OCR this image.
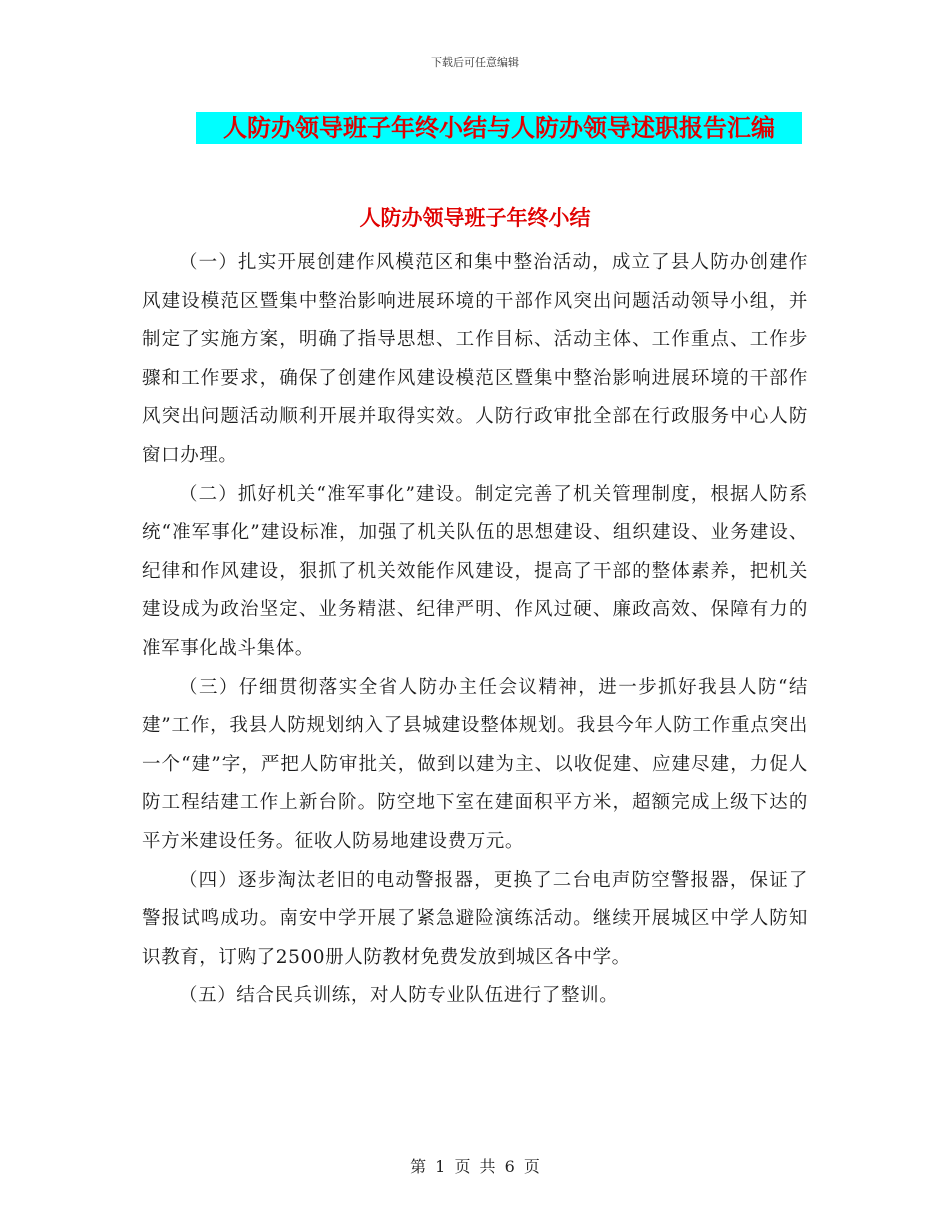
下载后可任意编辑
人防办领导班子年终小结与人防办领导述职报告汇编
人防办领导班子年终小结

（一）扎实开展创建作风模范区和集中整治活动，成立了县人防办创建作风建设模范区暨集中整治影响进展环境的干部作风突出问题活动领导小组，并制定了实施方案，明确了指导思想、工作目标、活动主体、工作重点、工作步骤和工作要求，确保了创建作风建设模范区暨集中整治影响进展环境的干部作风突出问题活动顺利开展并取得实效。人防行政审批全部在行政服务中心人防窗口办理。

（二）抓好机关“准军事化”建设。制定完善了机关管理制度，根据人防系统“准军事化”建设标准，加强了机关队伍的思想建设、组织建设、业务建设、纪律和作风建设，狠抓了机关效能作风建设，提高了干部的整体素养，把机关建设成为政治坚定、业务精湛、纪律严明、作风过硬、廉政高效、保障有力的准军事化战斗集体。

（三）仔细贯彻落实全省人防办主任会议精神，进一步抓好我县人防“结建”工作，我县人防规划纳入了县城建设整体规划。我县今年人防工作重点突出一个“建”字，严把人防审批关，做到以建为主、以收促建、应建尽建，力促人防工程结建工作上新台阶。防空地下室在建面积平方米，超额完成上级下达的平方米建设任务。征收人防易地建设费万元。

（四）逐步淘汰老旧的电动警报器，更换了二台电声防空警报器，保证了警报试鸣成功。南安中学开展了紧急避险演练活动。继续开展城区中学人防知识教育，订购了2500册人防教材免费发放到城区各中学。

（五）结合民兵训练，对人防专业队伍进行了整训。

第 1 页 共 6 页
